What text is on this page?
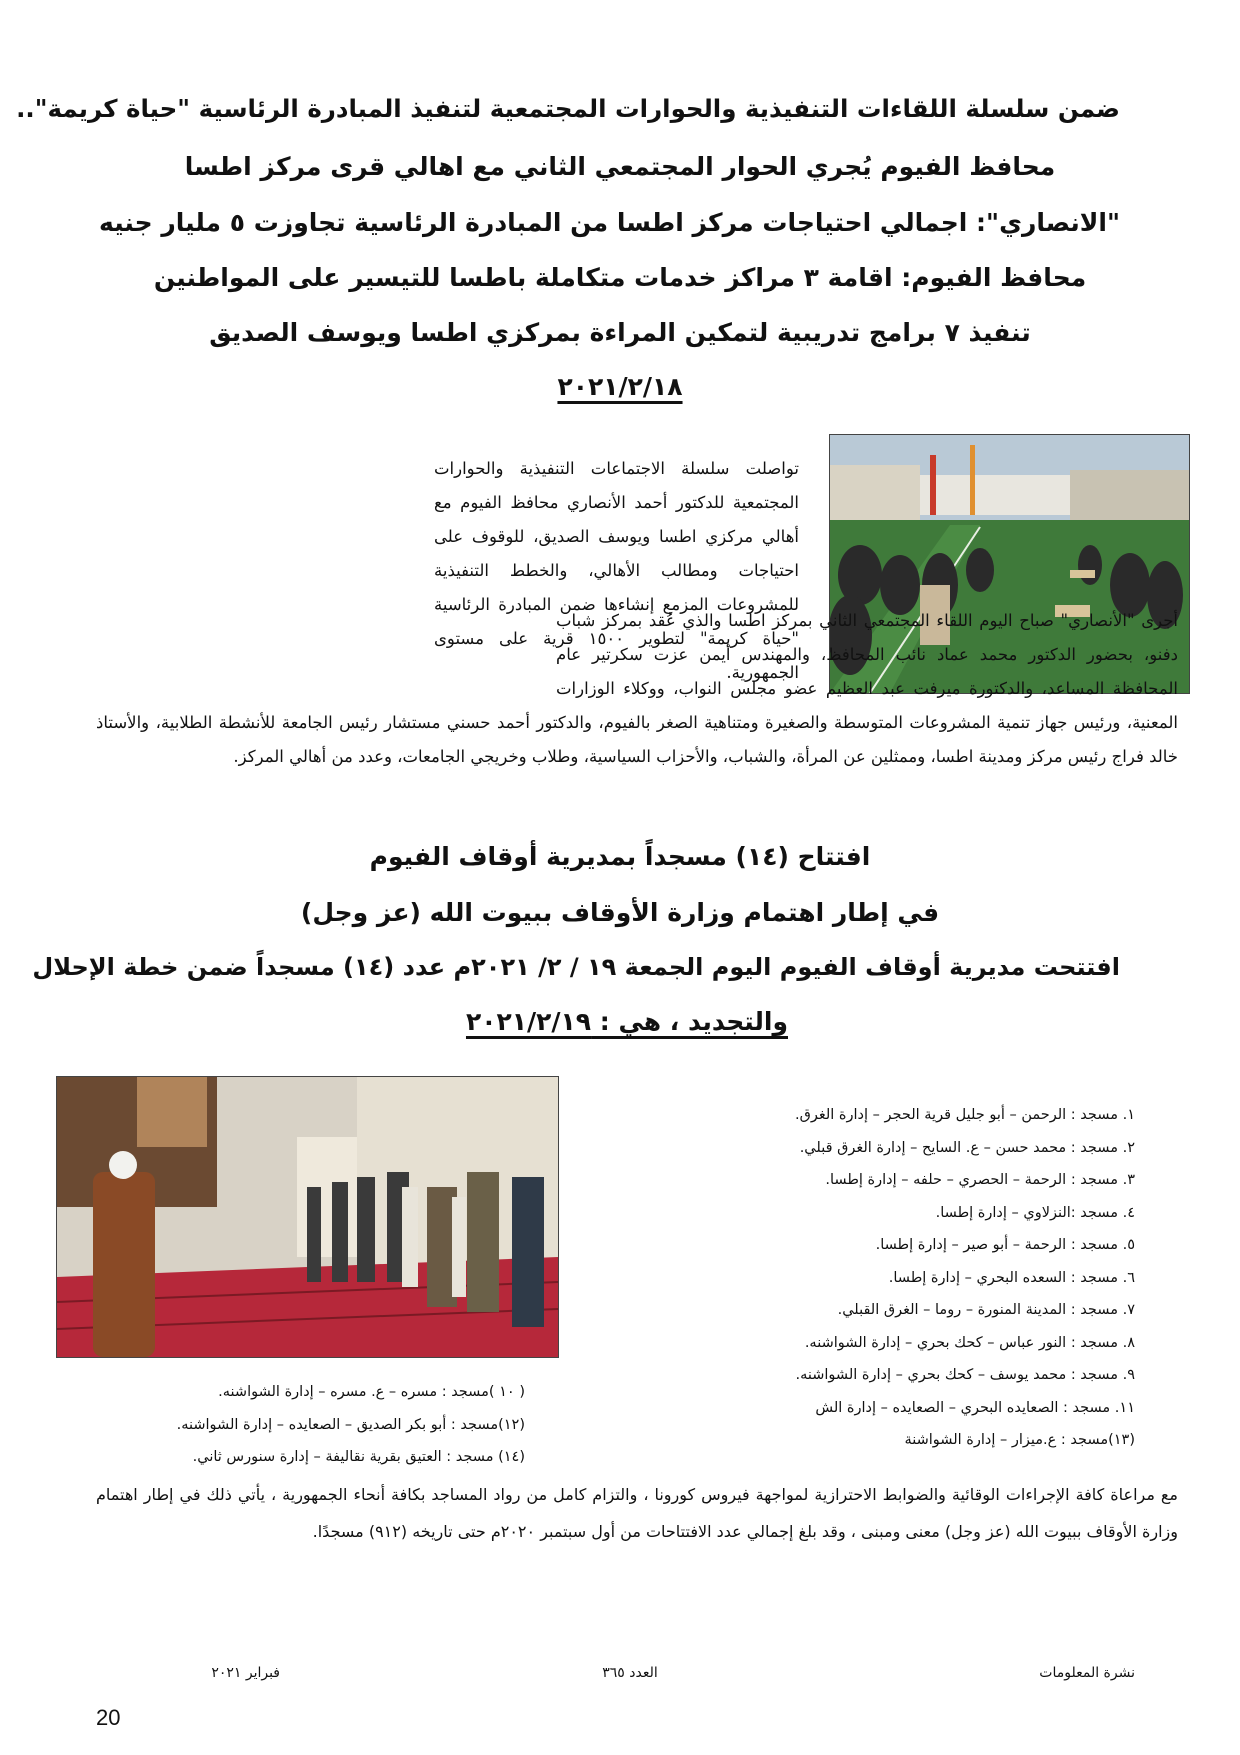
ضمن سلسلة اللقاءات التنفيذية والحوارات المجتمعية لتنفيذ المبادرة الرئاسية "حياة كريمة"..
محافظ الفيوم يُجري الحوار المجتمعي الثاني مع اهالي قرى مركز اطسا
"الانصاري": اجمالي احتياجات مركز اطسا من المبادرة الرئاسية تجاوزت ٥ مليار جنيه
محافظ الفيوم: اقامة ٣ مراكز خدمات متكاملة باطسا للتيسير على المواطنين
تنفيذ ٧ برامج تدريبية لتمكين المراءة بمركزي اطسا ويوسف الصديق
٢٠٢١/٢/١٨
تواصلت سلسلة الاجتماعات التنفيذية والحوارات المجتمعية للدكتور أحمد الأنصاري محافظ الفيوم مع أهالي مركزي اطسا ويوسف الصديق، للوقوف على احتياجات ومطالب الأهالي، والخطط التنفيذية للمشروعات المزمع إنشاءها ضمن المبادرة الرئاسية "حياة كريمة" لتطوير ١٥٠٠ قرية على مستوى الجمهورية.
أجرى "الأنصاري" صباح اليوم اللقاء المجتمعي الثاني بمركز اطسا والذي عُقد بمركز شباب دفنو، بحضور الدكتور محمد عماد نائب المحافظ، والمهندس أيمن عزت سكرتير عام المحافظة المساعد، والدكتورة ميرفت عبد العظيم عضو مجلس النواب، ووكلاء الوزارات المعنية، ورئيس جهاز تنمية المشروعات المتوسطة والصغيرة ومتناهية الصغر بالفيوم، والدكتور أحمد حسني مستشار رئيس الجامعة للأنشطة الطلابية، والأستاذ خالد فراج رئيس مركز ومدينة اطسا، وممثلين عن المرأة، والشباب، والأحزاب السياسية، وطلاب وخريجي الجامعات، وعدد من أهالي المركز.
افتتاح (١٤) مسجداً بمديرية أوقاف الفيوم
في إطار اهتمام وزارة الأوقاف ببيوت الله (عز وجل)
افتتحت مديرية أوقاف الفيوم اليوم الجمعة ١٩ / ٢/ ٢٠٢١م عدد (١٤) مسجداً ضمن خطة الإحلال
والتجديد ، هي : ٢٠٢١/٢/١٩
١. مسجد : الرحمن – أبو جليل قرية الحجر – إدارة الغرق.
٢. مسجد : محمد حسن – ع. السايح – إدارة الغرق قبلي.
٣. مسجد : الرحمة – الحصري – حلفه – إدارة إطسا.
٤. مسجد :النزلاوي – إدارة إطسا.
٥. مسجد : الرحمة – أبو صير – إدارة إطسا.
٦. مسجد : السعده البحري – إدارة إطسا.
٧. مسجد : المدينة المنورة – روما – الغرق القبلي.
٨. مسجد : النور عباس – كحك بحري – إدارة الشواشنه.
٩. مسجد : محمد يوسف – كحك بحري – إدارة الشواشنه.
١١. مسجد : الصعايده البحري – الصعايده – إدارة الش
(١٣)مسجد : ع.ميزار – إدارة الشواشنة
( ١٠ )مسجد : مسره – ع. مسره – إدارة الشواشنه.
(١٢)مسجد : أبو بكر الصديق – الصعايده – إدارة الشواشنه.
(١٤) مسجد : العتيق بقرية نقاليفة – إدارة سنورس ثاني.
مع مراعاة كافة الإجراءات الوقائية والضوابط الاحترازية لمواجهة فيروس كورونا ، والتزام كامل من رواد المساجد بكافة أنحاء الجمهورية ، يأتي ذلك في إطار اهتمام وزارة الأوقاف ببيوت الله (عز وجل) معنى ومبنى ، وقد بلغ إجمالي عدد الافتتاحات من أول سبتمبر ٢٠٢٠م حتى تاريخه (٩١٢) مسجدًا.
نشرة المعلومات
العدد ٣٦٥
فبراير ٢٠٢١
20
